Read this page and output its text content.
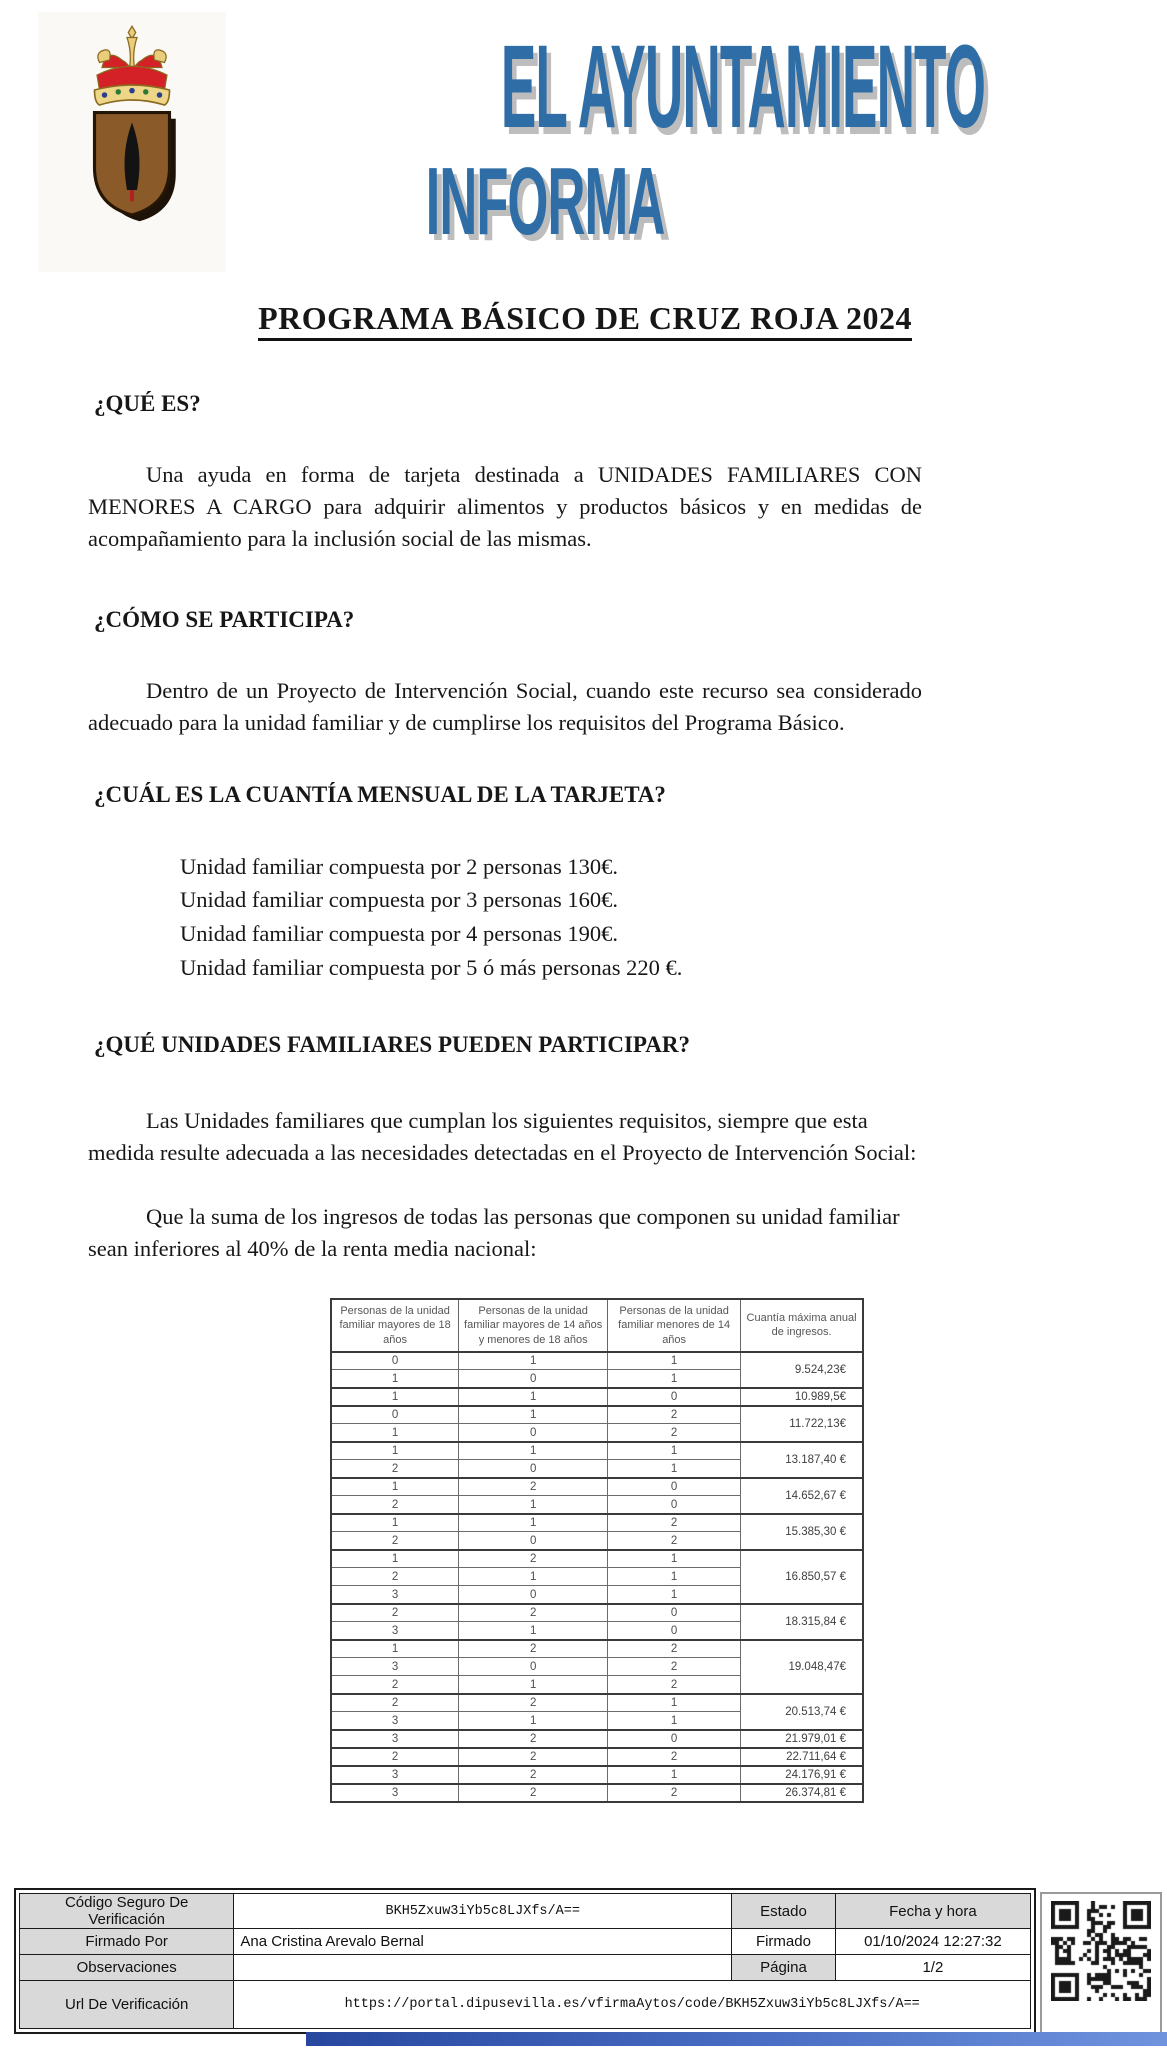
EL AYUNTAMIENTO
INFORMA
PROGRAMA BÁSICO DE CRUZ ROJA 2024
¿QUÉ ES?

Una ayuda en forma de tarjeta destinada a UNIDADES FAMILIARES CON MENORES A CARGO para adquirir alimentos y productos básicos y en medidas de acompañamiento para la inclusión social de las mismas.

¿CÓMO SE PARTICIPA?

Dentro de un Proyecto de Intervención Social, cuando este recurso sea considerado adecuado para la unidad familiar y de cumplirse los requisitos del Programa Básico.

¿CUÁL ES LA CUANTÍA MENSUAL DE LA TARJETA?
Unidad familiar compuesta por 2 personas 130€.
Unidad familiar compuesta por 3 personas 160€.
Unidad familiar compuesta por 4 personas 190€.
Unidad familiar compuesta por 5 ó más personas 220 €.
¿QUÉ UNIDADES FAMILIARES PUEDEN PARTICIPAR?

Las Unidades familiares que cumplan los siguientes requisitos, siempre que esta medida resulte adecuada a las necesidades detectadas en el Proyecto de Intervención Social:

Que la suma de los ingresos de todas las personas que componen su unidad familiar sean inferiores al 40% de la renta media nacional:

Personas de la unidad familiar mayores de 18 años	Personas de la unidad familiar mayores de 14 años y menores de 18 años	Personas de la unidad familiar menores de 14 años	Cuantía máxima anual de ingresos.
0	1	1	9.524,23€
1	0	1	
1	1	0	10.989,5€
0	1	2	11.722,13€
1	0	2	
1	1	1	13.187,40 €
2	0	1	
1	2	0	14.652,67 €
2	1	0	
1	1	2	15.385,30 €
2	0	2	
1	2	1	16.850,57 €
2	1	1	
3	0	1	
2	2	0	18.315,84 €
3	1	0	
1	2	2	19.048,47€
3	0	2	
2	1	2	
2	2	1	20.513,74 €
3	1	1	
3	2	0	21.979,01 €
2	2	2	22.711,64 €
3	2	1	24.176,91 €
3	2	2	26.374,81 €
Código Seguro De Verificación	BKH5Zxuw3iYb5c8LJXfs/A==	Estado	Fecha y hora
Firmado Por	Ana Cristina Arevalo Bernal	Firmado	01/10/2024 12:27:32
Observaciones		Página	1/2
Url De Verificación	https://portal.dipusevilla.es/vfirmaAytos/code/BKH5Zxuw3iYb5c8LJXfs/A==		
